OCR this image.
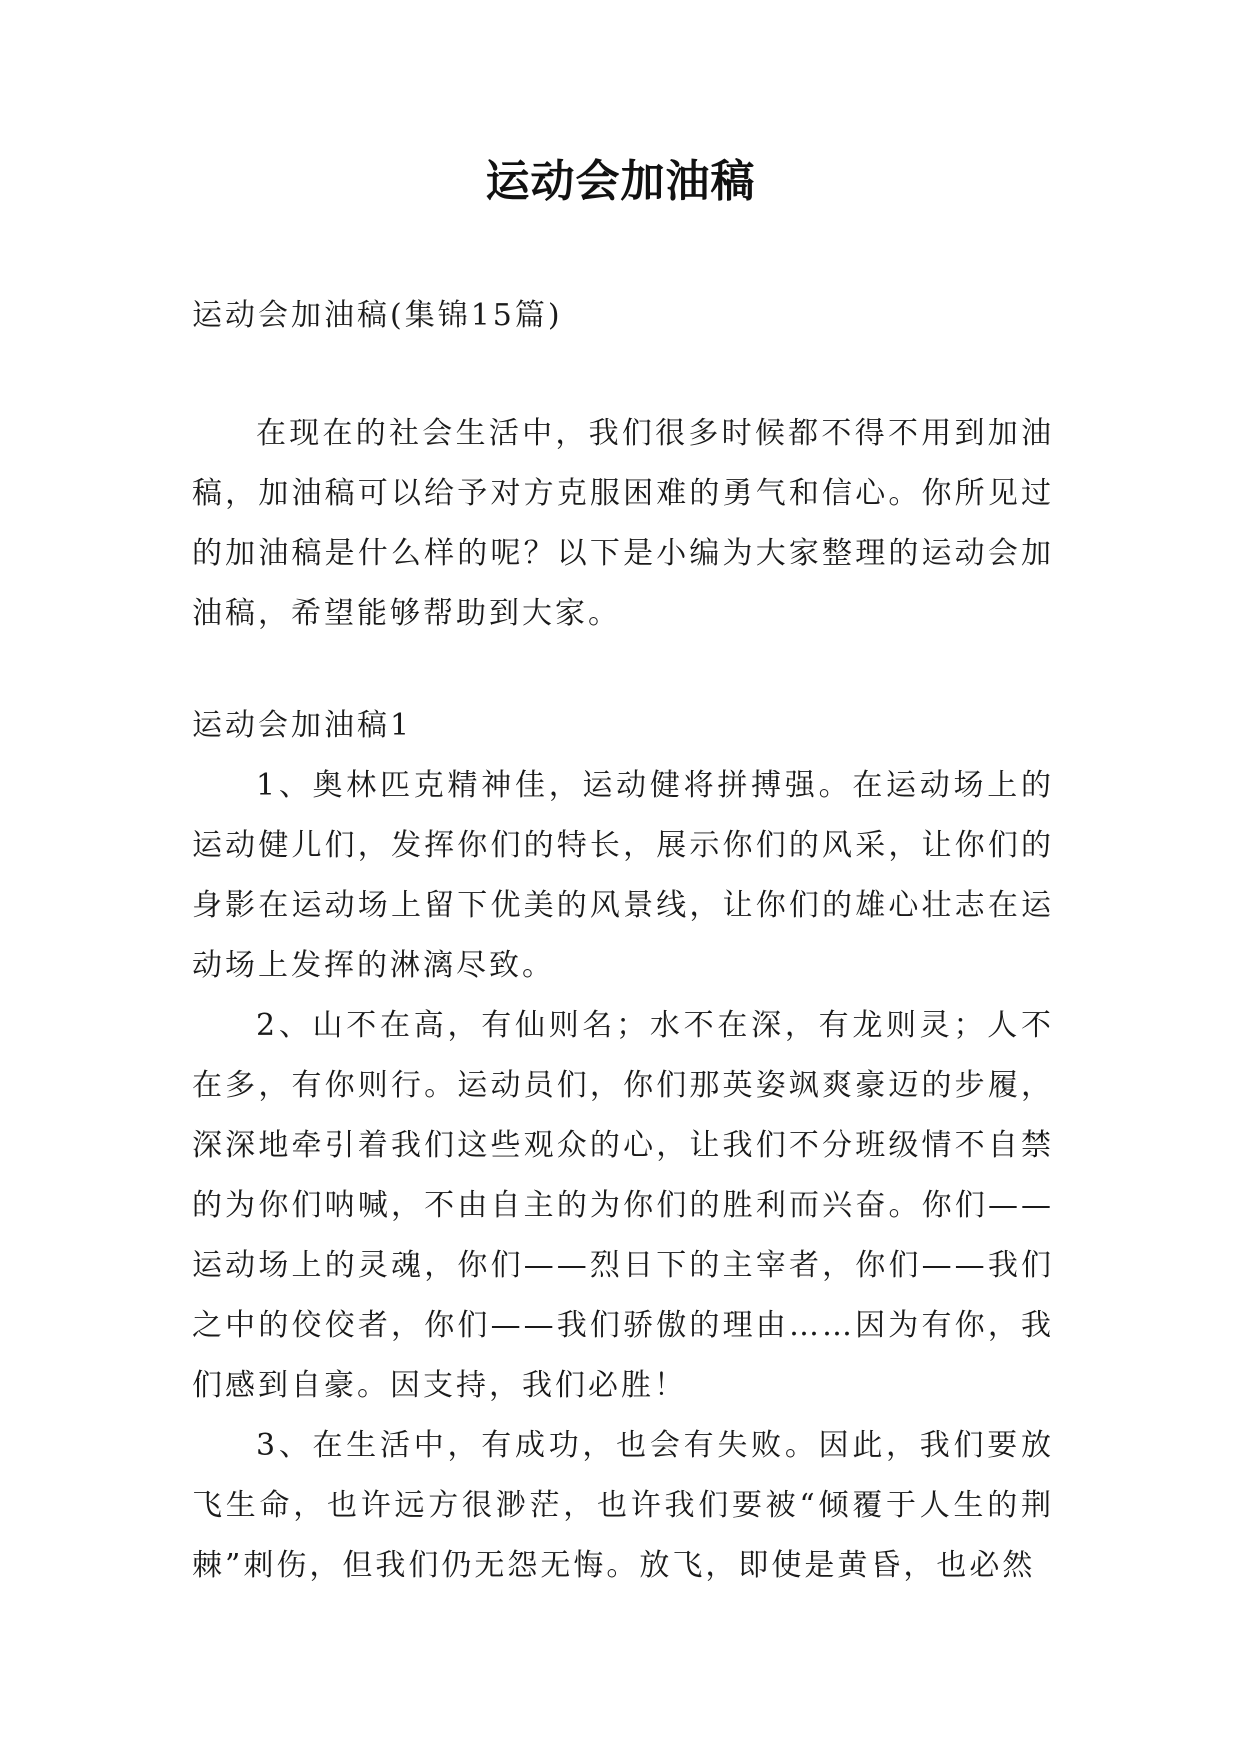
运动会加油稿
运动会加油稿(集锦15篇)

在现在的社会生活中，我们很多时候都不得不用到加油稿，加油稿可以给予对方克服困难的勇气和信心。你所见过的加油稿是什么样的呢？以下是小编为大家整理的运动会加油稿，希望能够帮助到大家。

运动会加油稿1

1、奥林匹克精神佳，运动健将拼搏强。在运动场上的运动健儿们，发挥你们的特长，展示你们的风采，让你们的身影在运动场上留下优美的风景线，让你们的雄心壮志在运动场上发挥的淋漓尽致。

2、山不在高，有仙则名；水不在深，有龙则灵；人不在多，有你则行。运动员们，你们那英姿飒爽豪迈的步履，深深地牵引着我们这些观众的心，让我们不分班级情不自禁的为你们呐喊，不由自主的为你们的胜利而兴奋。你们——运动场上的灵魂，你们——烈日下的主宰者，你们——我们之中的佼佼者，你们——我们骄傲的理由……因为有你，我们感到自豪。因支持，我们必胜！

3、在生活中，有成功，也会有失败。因此，我们要放飞生命，也许远方很渺茫，也许我们要被“倾覆于人生的荆棘”刺伤，但我们仍无怨无悔。放飞，即使是黄昏，也必然
